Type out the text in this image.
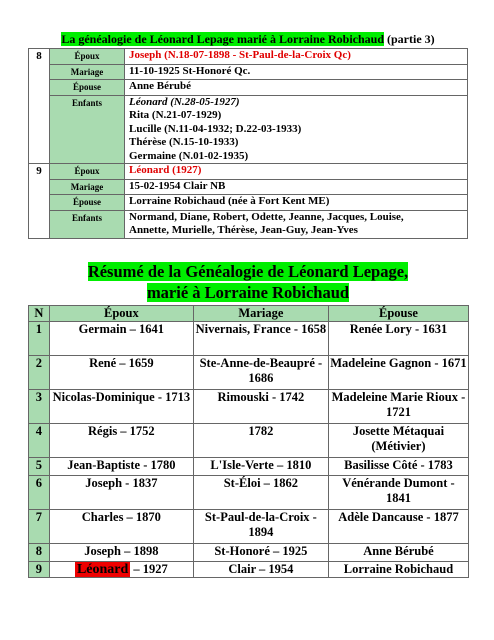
La généalogie de Léonard Lepage marié à Lorraine Robichaud (partie 3)
8	Époux	Joseph (N.18-07-1898 - St-Paul-de-la-Croix Qc)
	Mariage	11-10-1925 St-Honoré Qc.
	Épouse	Anne Bérubé
	Enfants	Léonard (N.28-05-1927)
Rita (N.21-07-1929)
Lucille (N.11-04-1932; D.22-03-1933)
Thérèse (N.15-10-1933)
Germaine (N.01-02-1935)

9	Époux	Léonard (1927)
	Mariage	15-02-1954 Clair NB
	Épouse	Lorraine Robichaud (née à Fort Kent ME)
	Enfants	Normand, Diane, Robert, Odette, Jeanne, Jacques, Louise,
Annette, Murielle, Thérèse, Jean-Guy, Jean-Yves
Résumé de la Généalogie de Léonard Lepage,
marié à Lorraine Robichaud
N	Époux	Mariage	Épouse
1	Germain – 1641	Nivernais, France - 1658	Renée Lory - 1631
2	René – 1659	Ste-Anne-de-Beaupré - 1686	Madeleine Gagnon - 1671
3	Nicolas-Dominique - 1713	Rimouski - 1742	Madeleine Marie Rioux - 1721
4	Régis – 1752	1782	Josette Métaquai (Métivier)
5	Jean-Baptiste - 1780	L'Isle-Verte – 1810	Basilisse Côté - 1783
6	Joseph - 1837	St-Éloi – 1862	Vénérande Dumont - 1841
7	Charles – 1870	St-Paul-de-la-Croix - 1894	Adèle Dancause - 1877
8	Joseph – 1898	St-Honoré – 1925	Anne Bérubé
9	Léonard – 1927	Clair – 1954	Lorraine Robichaud
